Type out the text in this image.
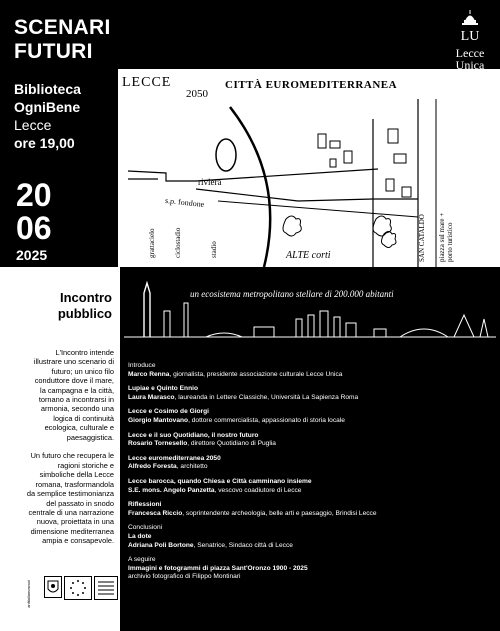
SCENARI
FUTURI
Biblioteca
OgniBene
Lecce
ore 19,00
20
06
2025
LU
Lecce
Unica
LECCE
2050
CITTÀ EUROMEDITERRANEA
riviera
s.p. fondone
ALTE corti
Campanile
grattacielo	ciclostadio	stadio	SAN CATALDO piazza sul mare + porto turistico
Incontro
pubblico
L'Incontro intende
illustrare uno scenario di
futuro; un unico filo
conduttore dove il mare,
la campagna e la città,
tornano a incontrarsi in
armonia, secondo una
logica di continuità
ecologica, culturale e
paesaggistica.

Un futuro che recupera le
ragioni storiche e
simboliche della Lecce
romana, trasformandola
da semplice testimonianza
del passato in snodo
centrale di una narrazione
nuova, proiettata in una
dimensione mediterranea
ampia e consapevole.
un ecosistema metropolitano stellare di 200.000 abitanti
Introduce
Marco Renna, giornalista, presidente associazione culturale Lecce Unica
Lupiae e Quinto Ennio
Laura Marasco, laureanda in Lettere Classiche, Università La Sapienza Roma
Lecce e Cosimo de Giorgi
Giorgio Mantovano, dottore commercialista, appassionato di storia locale
Lecce e il suo Quotidiano, il nostro futuro
Rosario Tornesello, direttore Quotidiano di Puglia
Lecce euromediterranea 2050
Alfredo Foresta, architetto
Lecce barocca, quando Chiesa e Città camminano insieme
S.E. mons. Angelo Panzetta, vescovo coadiutore di Lecce
Riflessioni
Francesca Riccio, soprintendente archeologia, belle arti e paesaggio, Brindisi Lecce
Conclusioni
La dote
Adriana Poli Bortone, Senatrice, Sindaco città di Lecce
A seguire
Immagini e fotogrammi di piazza Sant'Oronzo 1900 - 2025
archivio fotografico di Filippo Montinari
anfitallamosmol
